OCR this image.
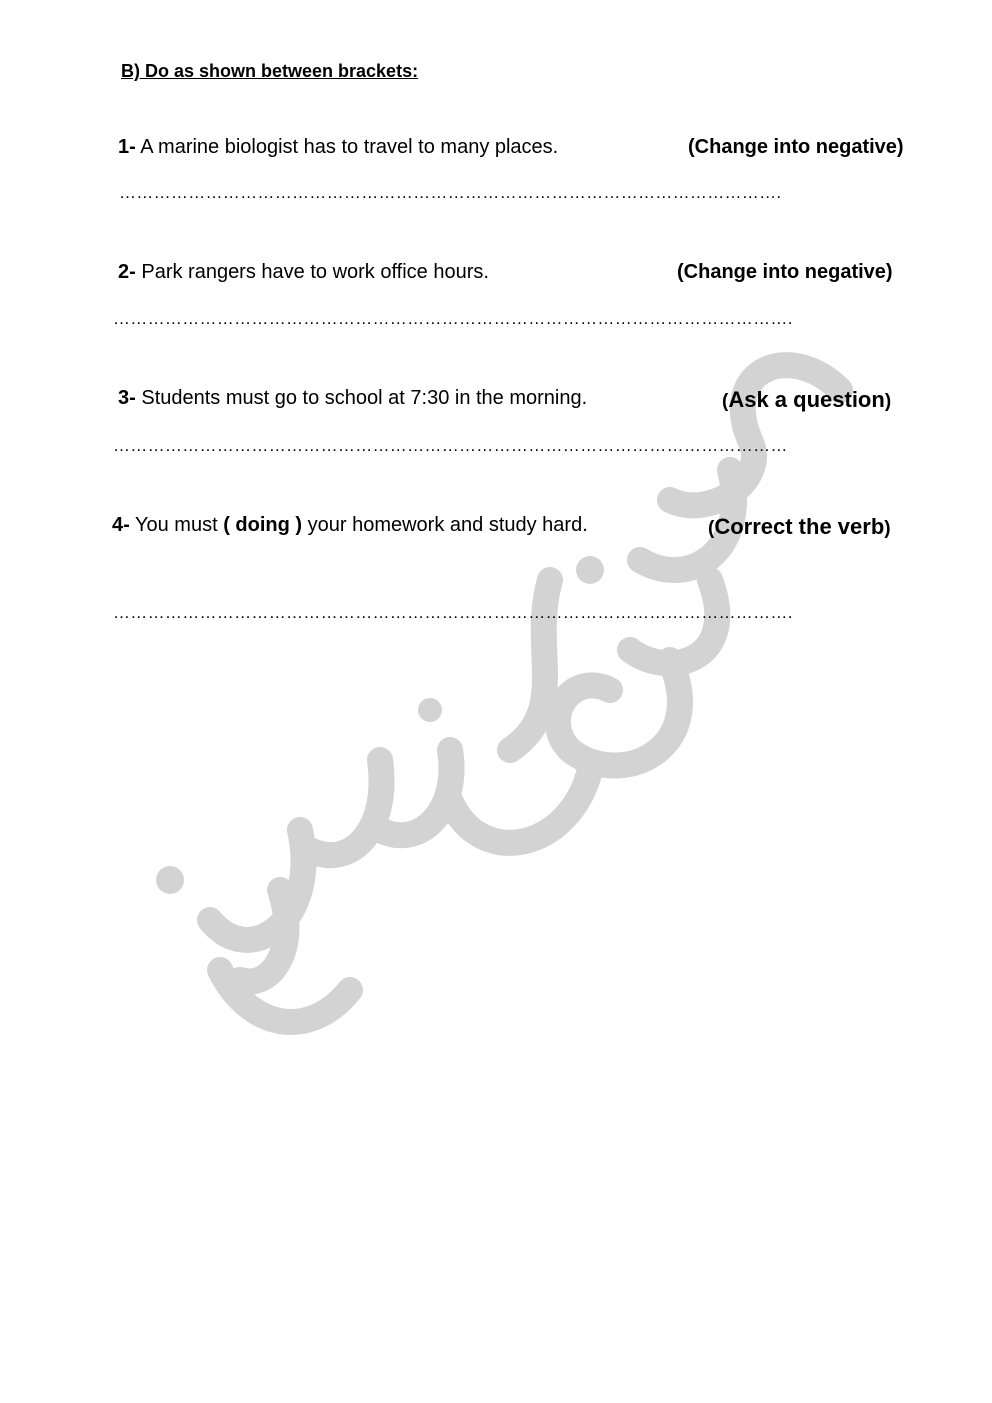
B) Do as shown between brackets:
1- A marine biologist has to travel to many places.	(Change into negative)
…………………………………………………………………………………………………….
2- Park rangers have to work office hours.	(Change into negative)
……………………………………………………………………………………………………….
3- Students must go to school at 7:30 in the morning.	(Ask a question)
………………………………………………………………………………………………………
4- You must ( doing ) your homework and study hard.	(Correct the verb)
……………………………………………………………………………………………………….
